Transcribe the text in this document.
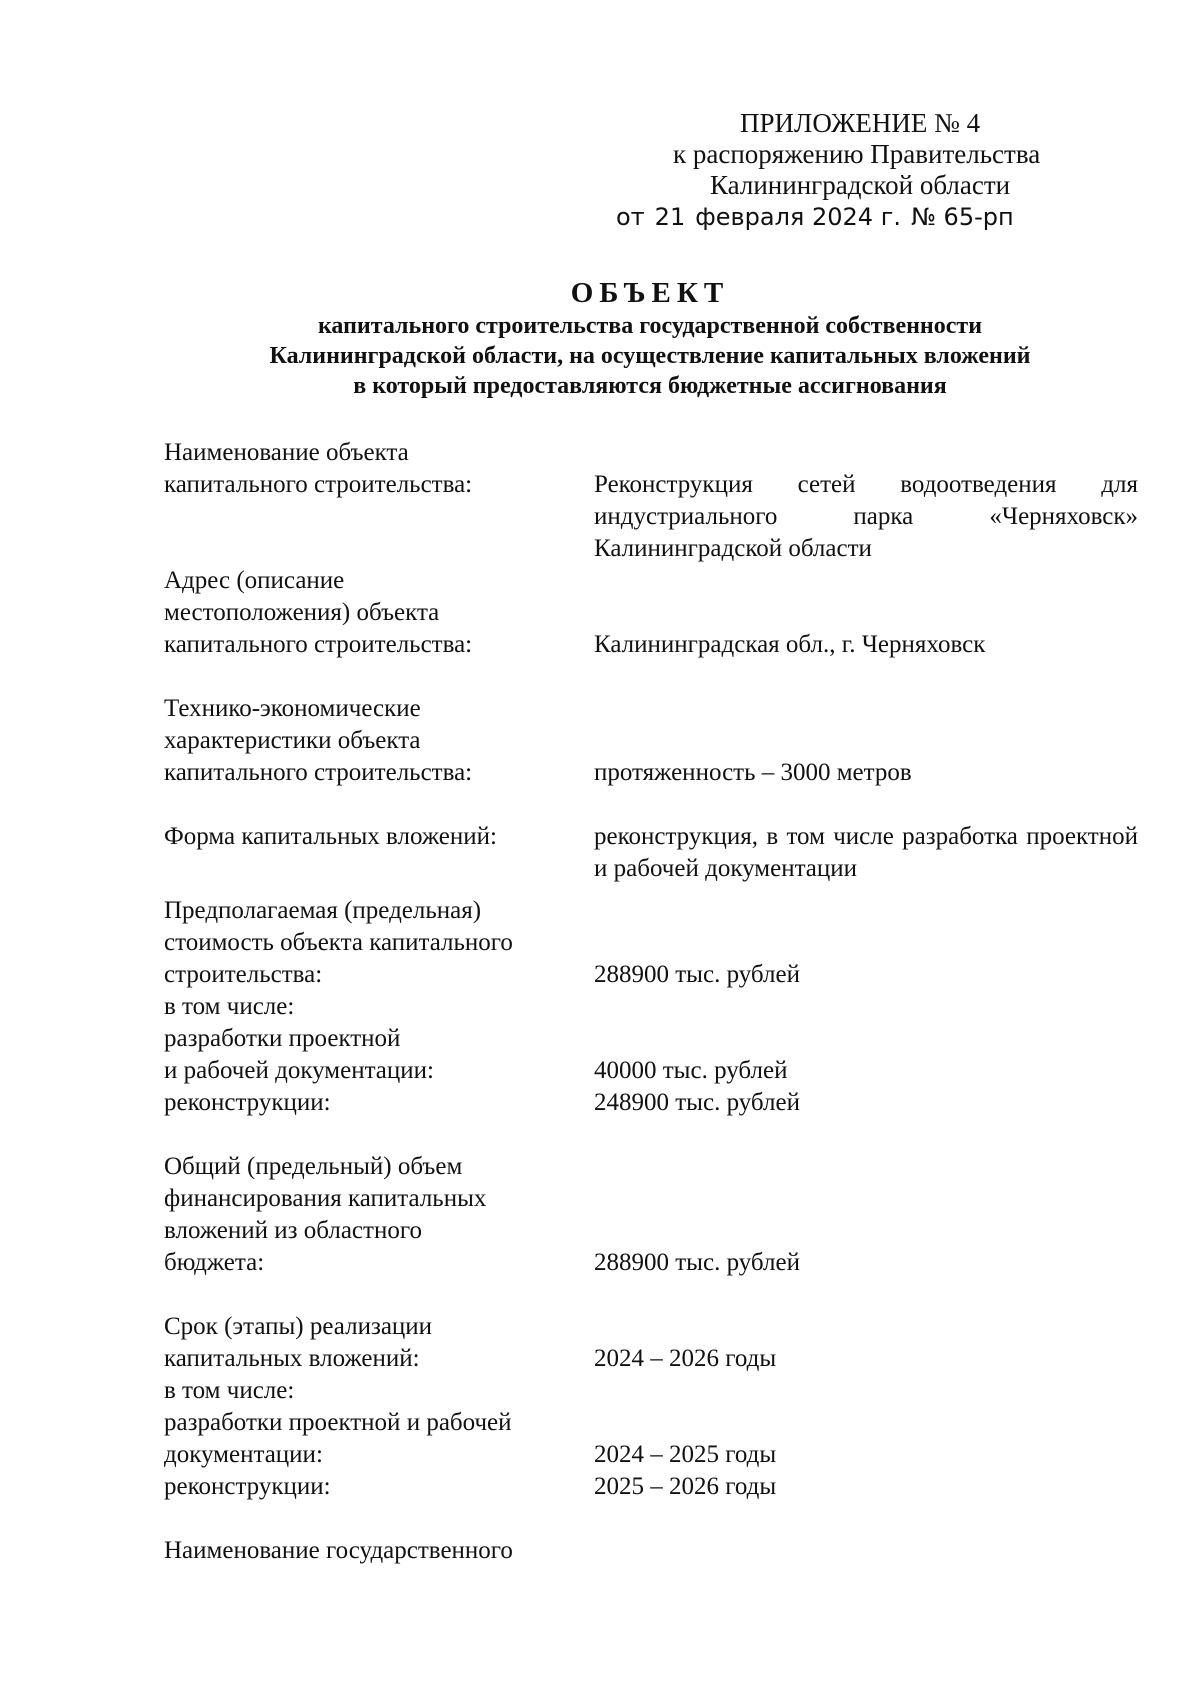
ПРИЛОЖЕНИЕ № 4
к распоряжению Правительства
Калининградской области
от 21 февраля 2024 г. № 65-рп
ОБЪЕКТ
капитального строительства государственной собственности
Калининградской области, на осуществление капитальных вложений
в который предоставляются бюджетные ассигнования
Наименование объекта
капитального строительства:	Реконструкция сетей водоотведения для индустриального парка «Черняховск» Калининградской области
Адрес (описание
местоположения) объекта
капитального строительства:	Калининградская обл., г. Черняховск
Технико-экономические
характеристики объекта
капитального строительства:	протяженность – 3000 метров
Форма капитальных вложений:	реконструкция, в том числе разработка проектной и рабочей документации
Предполагаемая (предельная)
стоимость объекта капитального
строительства:	288900 тыс. рублей
в том числе:
разработки проектной
и рабочей документации:	40000 тыс. рублей
реконструкции:	248900 тыс. рублей
Общий (предельный) объем
финансирования капитальных
вложений из областного
бюджета:	288900 тыс. рублей
Срок (этапы) реализации
капитальных вложений:	2024 – 2026 годы
в том числе:
разработки проектной и рабочей
документации:	2024 – 2025 годы
реконструкции:	2025 – 2026 годы
Наименование государственного
